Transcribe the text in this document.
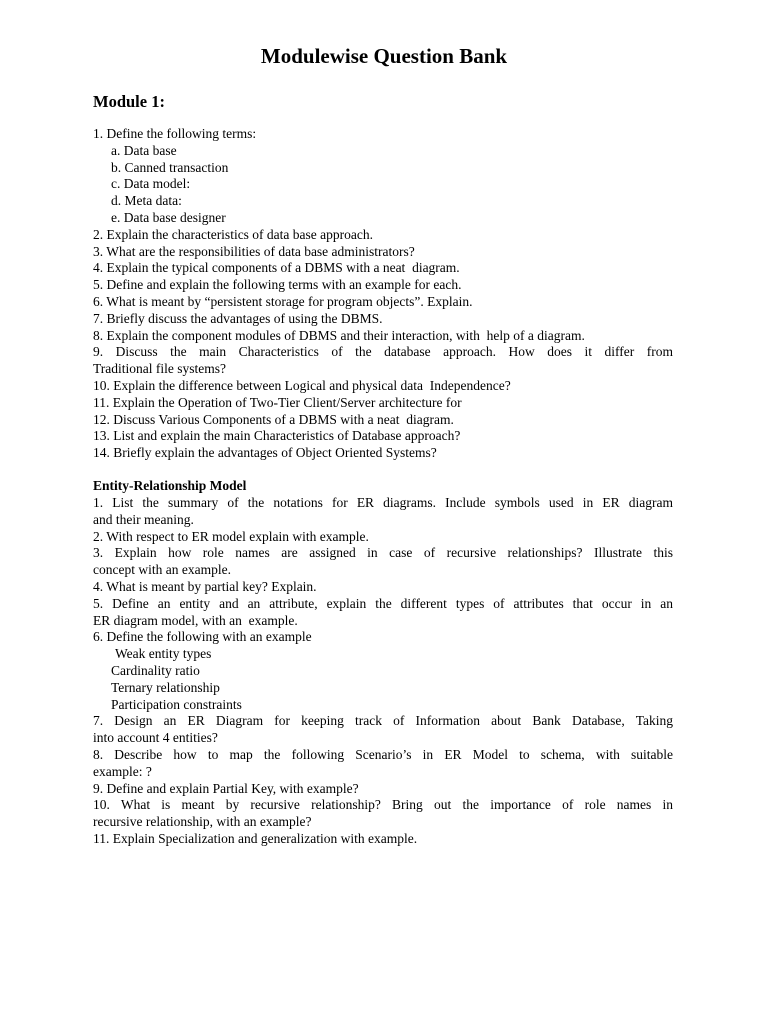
Modulewise Question Bank
Module 1:
1. Define the following terms:
a. Data base
b. Canned transaction
c. Data model:
d. Meta data:
e. Data base designer
2. Explain the characteristics of data base approach.
3. What are the responsibilities of data base administrators?
4. Explain the typical components of a DBMS with a neat  diagram.
5. Define and explain the following terms with an example for each.
6. What is meant by “persistent storage for program objects”. Explain.
7. Briefly discuss the advantages of using the DBMS.
8. Explain the component modules of DBMS and their interaction, with  help of a diagram.
9. Discuss the main Characteristics of the database approach. How does it differ from
Traditional file systems?
10. Explain the difference between Logical and physical data  Independence?
11. Explain the Operation of Two-Tier Client/Server architecture for
12. Discuss Various Components of a DBMS with a neat  diagram.
13. List and explain the main Characteristics of Database approach?
14. Briefly explain the advantages of Object Oriented Systems?
Entity-Relationship Model
1. List the summary of the notations for ER diagrams. Include symbols used in ER diagram
and their meaning.
2. With respect to ER model explain with example.
3. Explain how role names are assigned in case of recursive relationships? Illustrate this
concept with an example.
4. What is meant by partial key? Explain.
5. Define an entity and an attribute, explain the different types of attributes that occur in an
ER diagram model, with an  example.
6. Define the following with an example
Weak entity types
Cardinality ratio
Ternary relationship
Participation constraints
7. Design an ER Diagram for keeping track of Information about Bank Database, Taking
into account 4 entities?
8. Describe how to map the following Scenario’s in ER Model to schema, with suitable
example: ?
9. Define and explain Partial Key, with example?
10. What is meant by recursive relationship? Bring out the importance of role names in
recursive relationship, with an example?
11. Explain Specialization and generalization with example.
